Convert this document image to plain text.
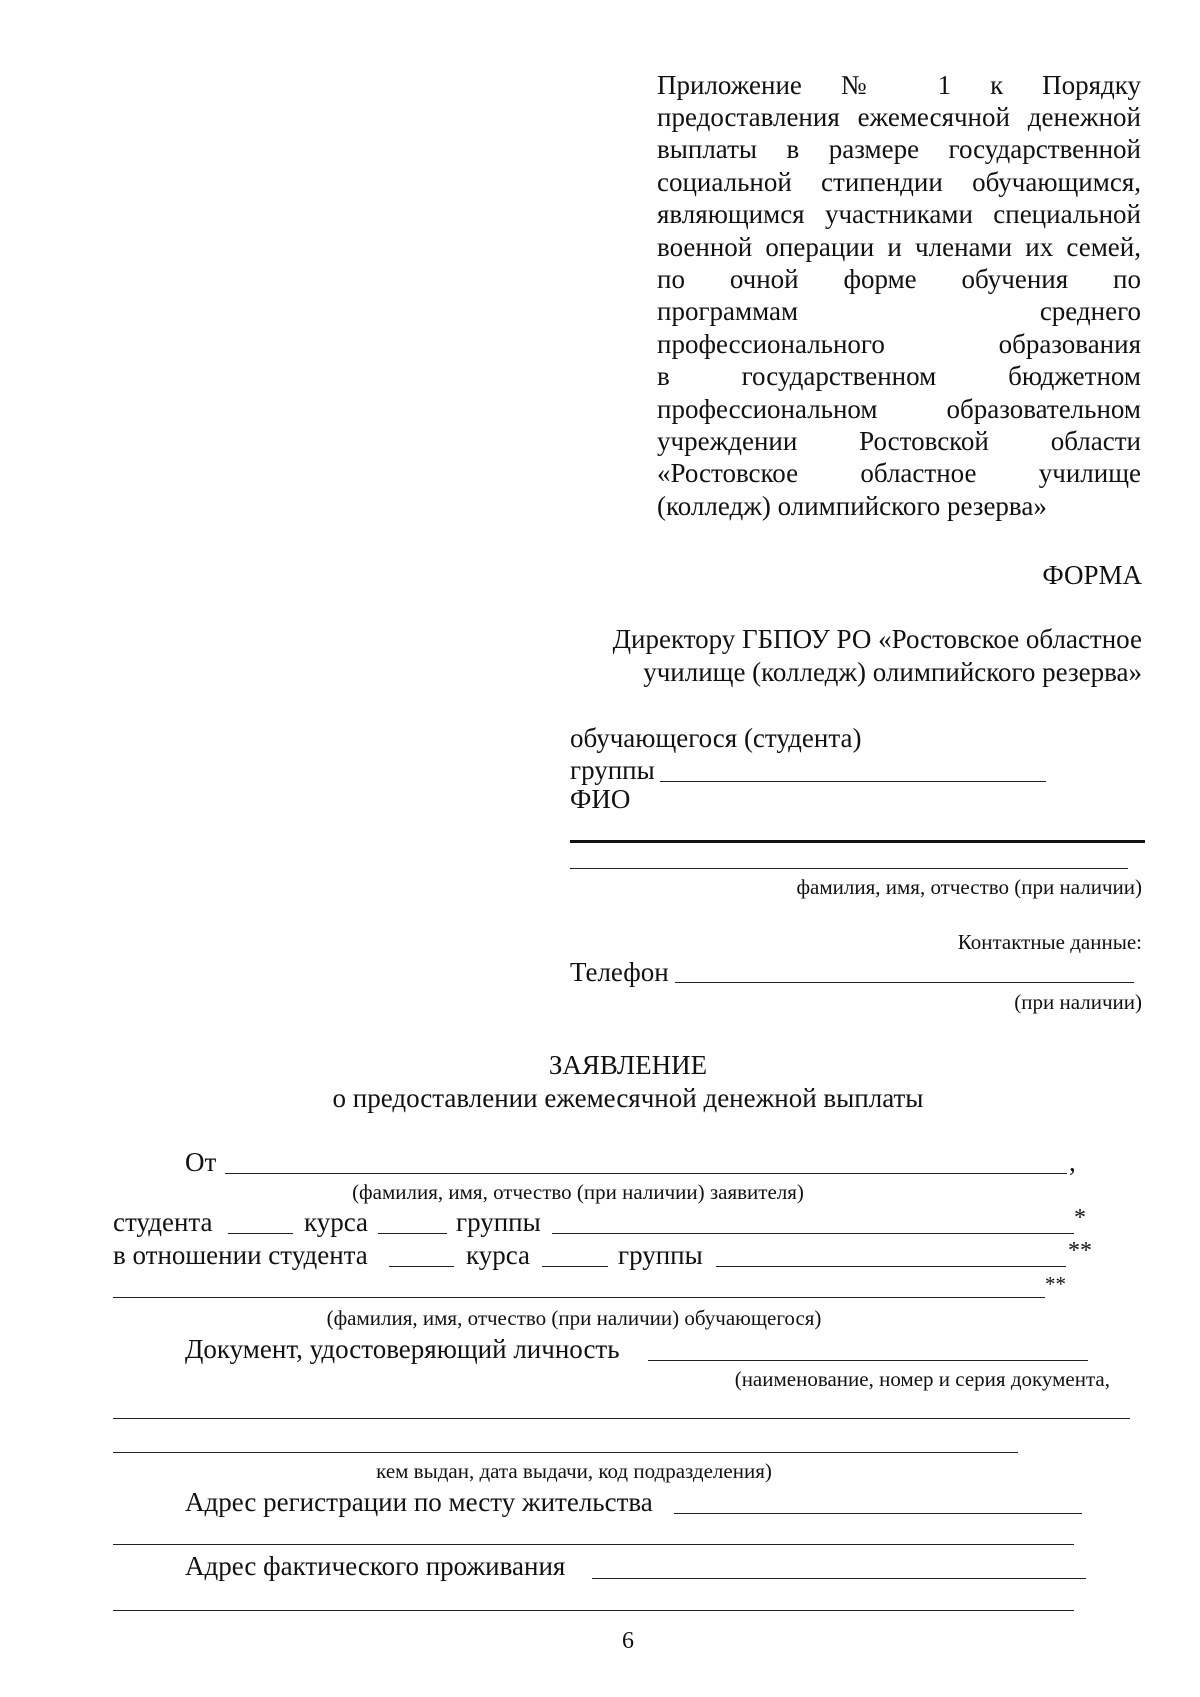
Приложение № 1 к Порядку
предоставления ежемесячной денежной
выплаты в размере государственной
социальной стипендии обучающимся,
являющимся участниками специальной
военной операции и членами их семей,
по очной форме обучения по
программам среднего
профессионального образования
в государственном бюджетном
профессиональном образовательном
учреждении Ростовской области
«Ростовское областное училище
(колледж) олимпийского резерва»
ФОРМА
Директору ГБПОУ РО «Ростовское областное
училище (колледж) олимпийского резерва»
обучающегося (студента)
группы
ФИО
фамилия, имя, отчество (при наличии)
Контактные данные:
Телефон
(при наличии)
ЗАЯВЛЕНИЕ
о предоставлении ежемесячной денежной выплаты
От	,
(фамилия, имя, отчество (при наличии) заявителя)
студента	курса	группы	*
в отношении студента	курса	группы	**
**
(фамилия, имя, отчество (при наличии) обучающегося)
Документ, удостоверяющий личность
(наименование, номер и серия документа,
кем выдан, дата выдачи, код подразделения)
Адрес регистрации по месту жительства
Адрес фактического проживания
6
